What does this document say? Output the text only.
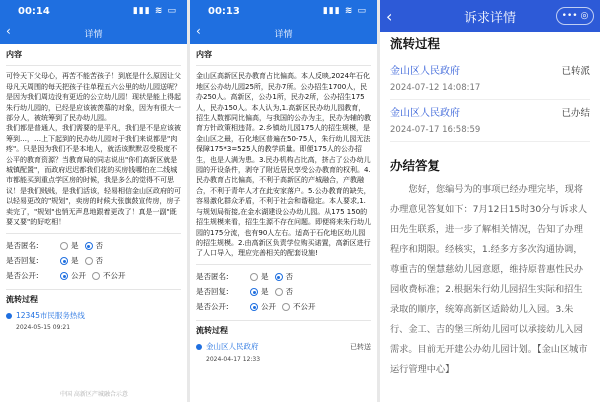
00:14	▮▮▮ ≋ ▭
‹	详情
内容
可怜天下父母心，再苦不能苦孩子！到底是什么原因让父母凡天周围的每天把孩子往单程五六公里的幼儿园送呢？是因为我们周边没有更近的公立幼儿园！现状是能上得起朱行幼儿园的，已经是应该被羡慕的对象，因为有很大一部分人，被统筹到了民办幼儿园。
我们都是普通人，我们需要的是平凡，我们是不是应该被筹到…，…上下起到的民办幼儿园对于我们来说都是"肉疼"。只是因为我们不是本地人，就活该默默忍受极度不公平的教育资源？当教育局的同志说出"你们高新区就是城镇配置"，而政府迟迟都我们花的买房钱哪怕在二线城市都能买到重点学区房的时候，我是多么的觉得不可思议！是我们贱贱，是我们活该，轻易相信金山区政府的可以轻易更改的"规划"，卖房的时候大张旗鼓宣传房，房子卖完了，"规划"也悄无声息地跟着更改了！真是一副"既要又要"的好吃相！
是否匿名:	是 否
是否回复:	是 否
是否公开:	公开 不公开
流转过程
12345市民服务热线
2024-05-15 09:21
中国 高新区产城融合示意
00:13	▮▮▮ ≋ ▭
‹	详情
内容
金山区高新区民办教育占比偏高。本人反映,2024年石化地区公办幼儿园25所，民办7所。公办招生1700人，民办250人。高新区，公办1所，民办2所，公办招生175人，民办150人。本人认为,1.高新区民办幼儿园教育，招生人数都同比偏高，与我国的公办为主，民办为辅的教育方针政策相违背。2.乡镇幼儿园175人的招生规模，是金山区之最，石化地区普遍在50-75人，朱行幼儿园无法保障175*3=525人的教学质量。即便175人的公办招生，也是人满为患。3.民办机构占比高，挤占了公办幼儿园的开设条件，剥夺了附近居民享受公办教育的权利。4.民办教育占比偏高，不利于高新区的产城融合，产教融合，不利于青年人才在此安家落户。5.公办教育的缺失，容易激化群众矛盾，不利于社会和谐稳定。本人要求,1.与规划局衔接,在金水湖建设公办幼儿园。从175 150的招生规模来看，招生生源不存在问题。即便将来朱行幼儿园的175分流，也有90人左右。适高于石化地区幼儿园的招生规模。2.由高新区负责学位购买诺置，高新区进行了人口导入，理应完善相关的配套设施!
是否匿名:	是 否
是否回复:	是 否
是否公开:	公开 不公开
流转过程
金山区人民政府	已转送
2024-04-17 12:33
‹	诉求详情	••• ◎
流转过程
金山区人民政府	已转派
2024-07-12 14:08:17
金山区人民政府	已办结
2024-07-17 16:58:59
办结答复
您好，您编号为的事项已经办理完毕，现将办理意见答复如下：7月12日15时30分与诉求人田先生联系，进一步了解相关情况，告知了办理程序和期限。经核实，1.经多方多次沟通协调，尊重吉的堡慧慈幼儿园意愿，维持原普惠性民办园收费标准；2.根据朱行幼儿园招生实际和招生录取的顺序，统筹高新区适龄幼儿入园。3.朱行、金工、吉的堡三所幼儿园可以承接幼儿入园需求。目前无开建公办幼儿园计划。【金山区城市运行管理中心】
